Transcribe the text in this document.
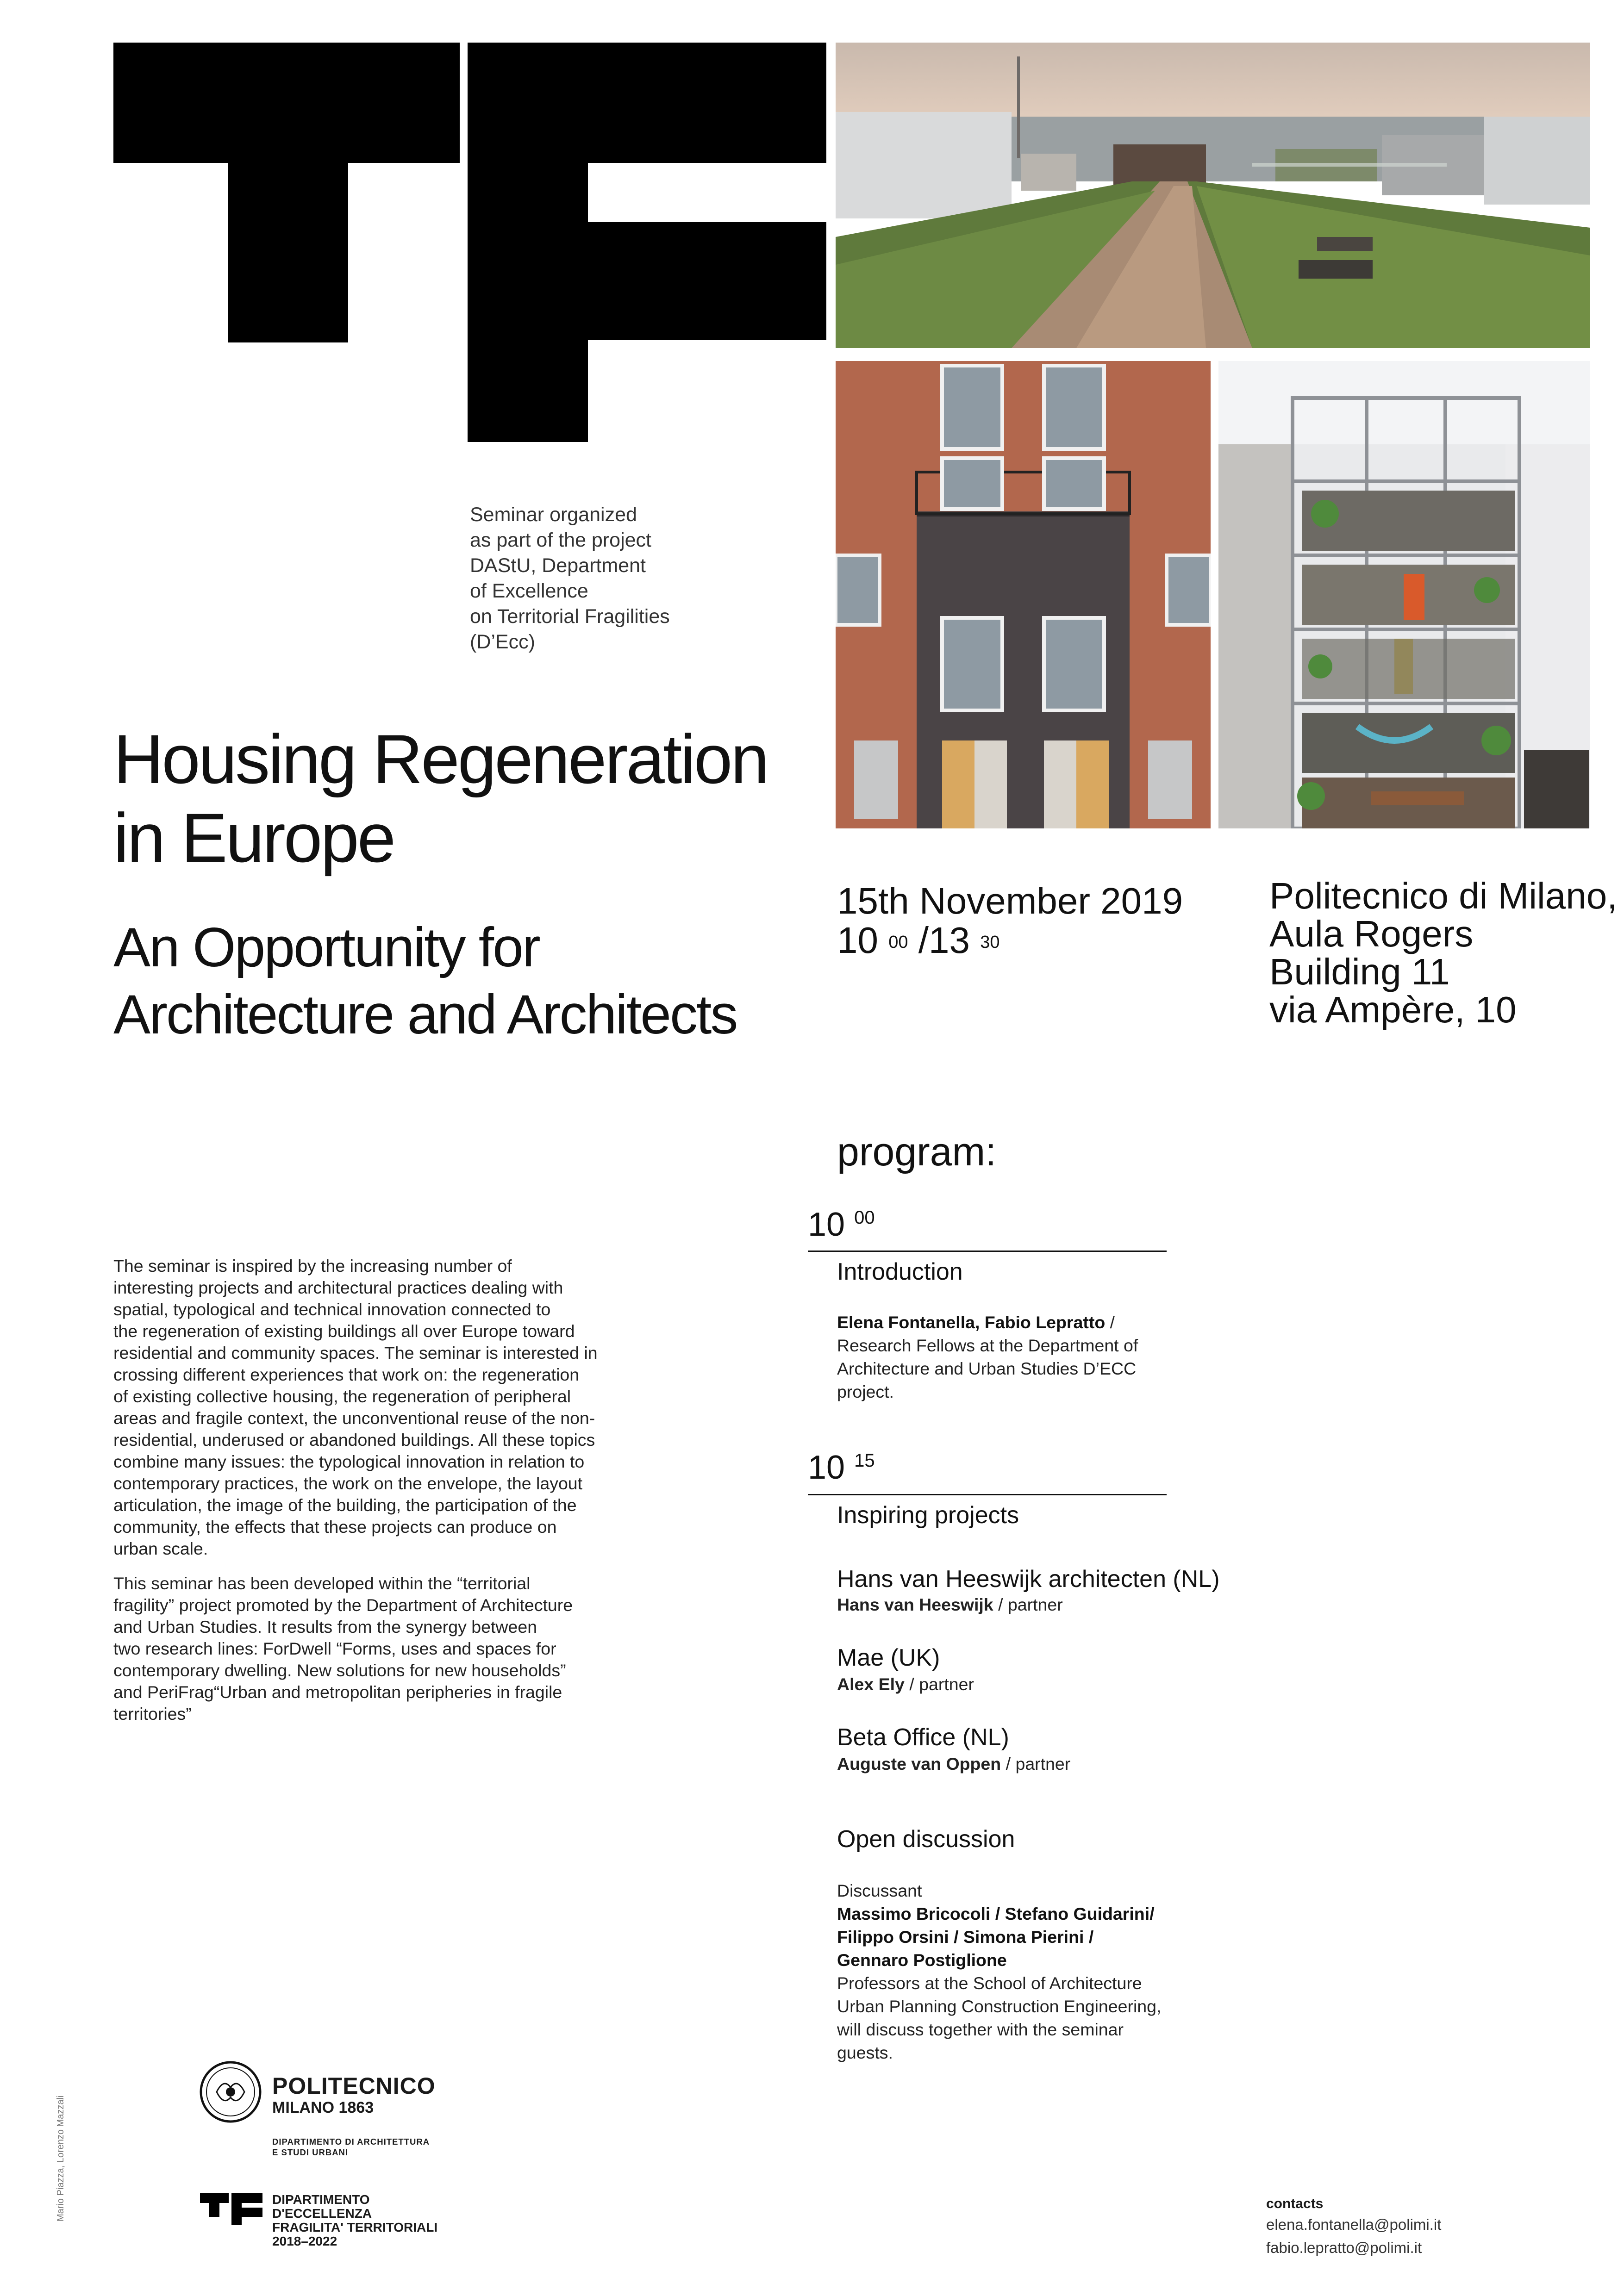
Seminar organized
as part of the project
DAStU, Department
of Excellence
on Territorial Fragilities
(D’Ecc)
Housing Regeneration
in Europe
An Opportunity for
Architecture and Architects
15th November 2019
10 $^{00}$ /13 $^{30}$
Politecnico di Milano,
Aula Rogers
Building 11
via Ampère, 10
program:
10 $^{00}$
Introduction
Elena Fontanella, Fabio Lepratto /
Research Fellows at the Department of Architecture and Urban Studies D’ECC project.
10 $^{15}$
Inspiring projects
Hans van Heeswijk architecten (NL)
Hans van Heeswijk / partner
Mae (UK)
Alex Ely / partner
Beta Office (NL)
Auguste van Oppen / partner
Open discussion
Discussant
Massimo Bricocoli / Stefano Guidarini/ Filippo Orsini / Simona Pierini / Gennaro Postiglione
Professors at the School of Architecture Urban Planning Construction Engineering, will discuss together with the seminar guests.
The seminar is inspired by the increasing number of
interesting projects and architectural practices dealing with
spatial, typological and technical innovation connected to
the regeneration of existing buildings all over Europe toward
residential and community spaces. The seminar is interested in
crossing different experiences that work on: the regeneration
of existing collective housing, the regeneration of peripheral
areas and fragile context, the unconventional reuse of the non-
residential, underused or abandoned buildings. All these topics
combine many issues: the typological innovation in relation to
contemporary practices, the work on the envelope, the layout
articulation, the image of the building, the participation of the
community, the effects that these projects can produce on
urban scale.
This seminar has been developed within the “territorial
fragility” project promoted by the Department of Architecture
and Urban Studies. It results from the synergy between
two research lines: ForDwell “Forms, uses and spaces for
contemporary dwelling. New solutions for new households”
and PeriFrag“Urban and metropolitan peripheries in fragile
territories”
Mario Piazza, Lorenzo Mazzali
POLITECNICO
MILANO 1863
DIPARTIMENTO DI ARCHITETTURA
E STUDI URBANI
DIPARTIMENTO
D'ECCELLENZA
FRAGILITA' TERRITORIALI
2018–2022
contacts
elena.fontanella@polimi.it
fabio.lepratto@polimi.it
